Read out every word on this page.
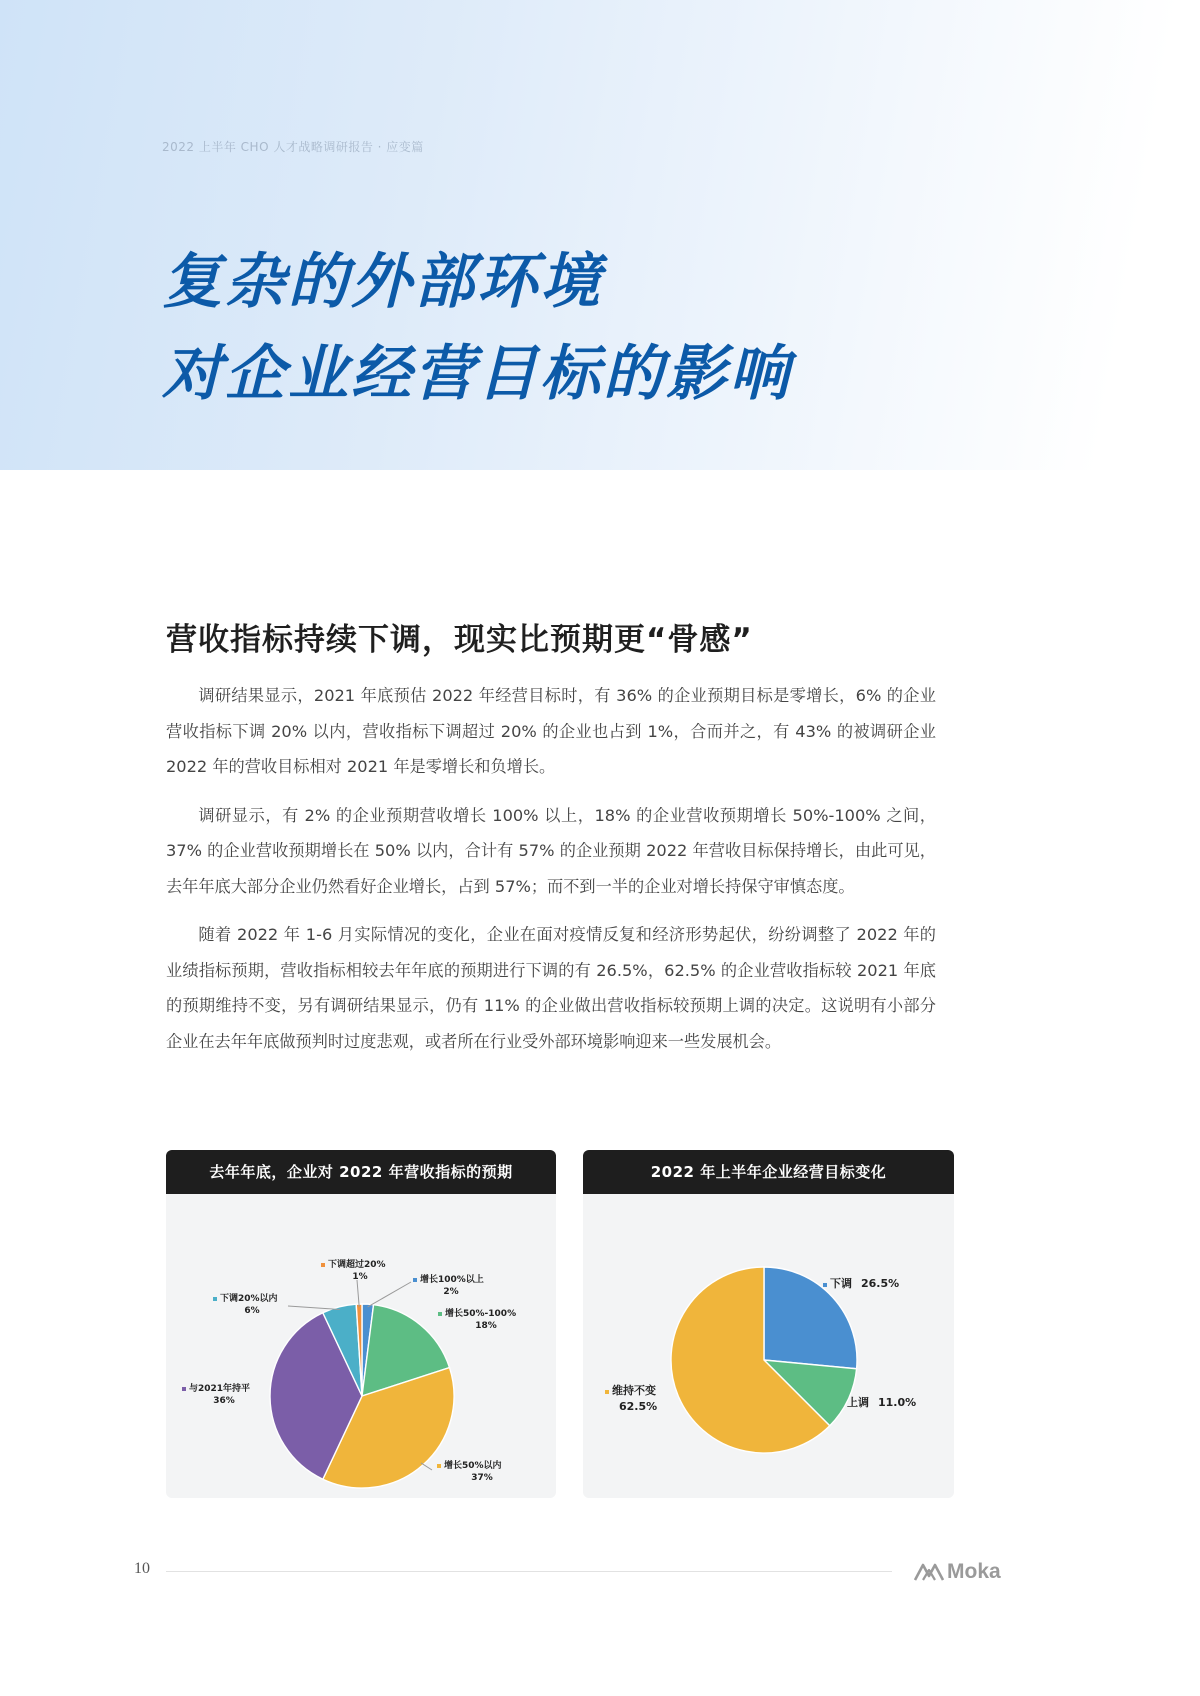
2022 上半年 CHO 人才战略调研报告 · 应变篇
复杂的外部环境
对企业经营目标的影响
营收指标持续下调，现实比预期更“骨感”

调研结果显示，2021 年底预估 2022 年经营目标时，有 36% 的企业预期目标是零增长，6% 的企业营收指标下调 20% 以内，营收指标下调超过 20% 的企业也占到 1%，合而并之，有 43% 的被调研企业 2022 年的营收目标相对 2021 年是零增长和负增长。

调研显示，有 2% 的企业预期营收增长 100% 以上，18% 的企业营收预期增长 50%-100% 之间，37% 的企业营收预期增长在 50% 以内，合计有 57% 的企业预期 2022 年营收目标保持增长，由此可见，去年年底大部分企业仍然看好企业增长，占到 57%；而不到一半的企业对增长持保守审慎态度。

随着 2022 年 1-6 月实际情况的变化，企业在面对疫情反复和经济形势起伏，纷纷调整了 2022 年的业绩指标预期，营收指标相较去年年底的预期进行下调的有 26.5%，62.5% 的企业营收指标较 2021 年底的预期维持不变，另有调研结果显示，仍有 11% 的企业做出营收指标较预期上调的决定。这说明有小部分企业在去年年底做预判时过度悲观，或者所在行业受外部环境影响迎来一些发展机会。

去年年底，企业对 2022 年营收指标的预期
增长100%以上
2%
增长50%-100%
18%
增长50%以内
37%
与2021年持平
36%
下调20%以内
6%
下调超过20%
1%
2022 年上半年企业经营目标变化
下调 26.5%
上调 11.0%
维持不变
62.5%
10	Moka
